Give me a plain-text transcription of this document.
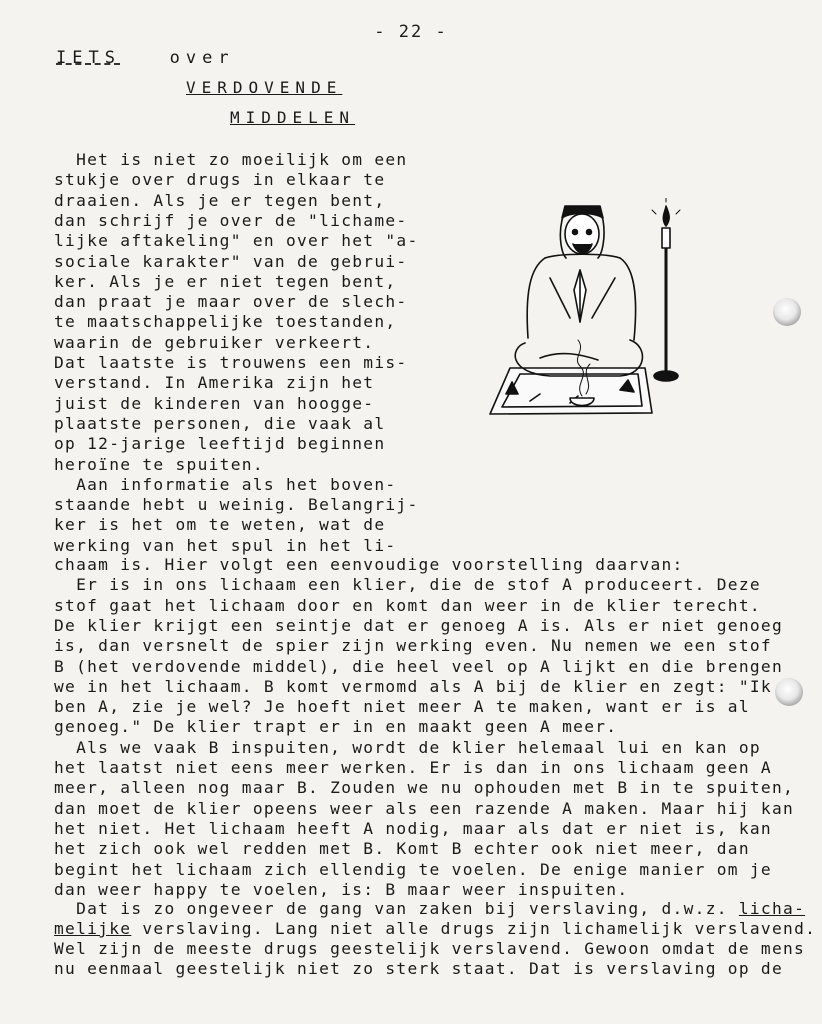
- 22 -
IETS	over
VERDOVENDE
MIDDELEN
Het is niet zo moeilijk om een
stukje over drugs in elkaar te
draaien. Als je er tegen bent,
dan schrijf je over de "lichame-
lijke aftakeling" en over het "a-
sociale karakter" van de gebrui-
ker. Als je er niet tegen bent,
dan praat je maar over de slech-
te maatschappelijke toestanden,
waarin de gebruiker verkeert.
Dat laatste is trouwens een mis-
verstand. In Amerika zijn het
juist de kinderen van hoogge-
plaatste personen, die vaak al
op 12-jarige leeftijd beginnen
heroïne te spuiten.
Aan informatie als het boven-
staande hebt u weinig. Belangrij-
ker is het om te weten, wat de
werking van het spul in het li-
chaam is. Hier volgt een eenvoudige voorstelling daarvan:
Er is in ons lichaam een klier, die de stof A produceert. Deze
stof gaat het lichaam door en komt dan weer in de klier terecht.
De klier krijgt een seintje dat er genoeg A is. Als er niet genoeg
is, dan versnelt de spier zijn werking even. Nu nemen we een stof
B (het verdovende middel), die heel veel op A lijkt en die brengen
we in het lichaam. B komt vermomd als A bij de klier en zegt: "Ik
ben A, zie je wel? Je hoeft niet meer A te maken, want er is al
genoeg." De klier trapt er in en maakt geen A meer.
Als we vaak B inspuiten, wordt de klier helemaal lui en kan op
het laatst niet eens meer werken. Er is dan in ons lichaam geen A
meer, alleen nog maar B. Zouden we nu ophouden met B in te spuiten,
dan moet de klier opeens weer als een razende A maken. Maar hij kan
het niet. Het lichaam heeft A nodig, maar als dat er niet is, kan
het zich ook wel redden met B. Komt B echter ook niet meer, dan
begint het lichaam zich ellendig te voelen. De enige manier om je
dan weer happy te voelen, is: B maar weer inspuiten.
Dat is zo ongeveer de gang van zaken bij verslaving, d.w.z. licha-
melijke verslaving. Lang niet alle drugs zijn lichamelijk verslavend.
Wel zijn de meeste drugs geestelijk verslavend. Gewoon omdat de mens
nu eenmaal geestelijk niet zo sterk staat. Dat is verslaving op de
